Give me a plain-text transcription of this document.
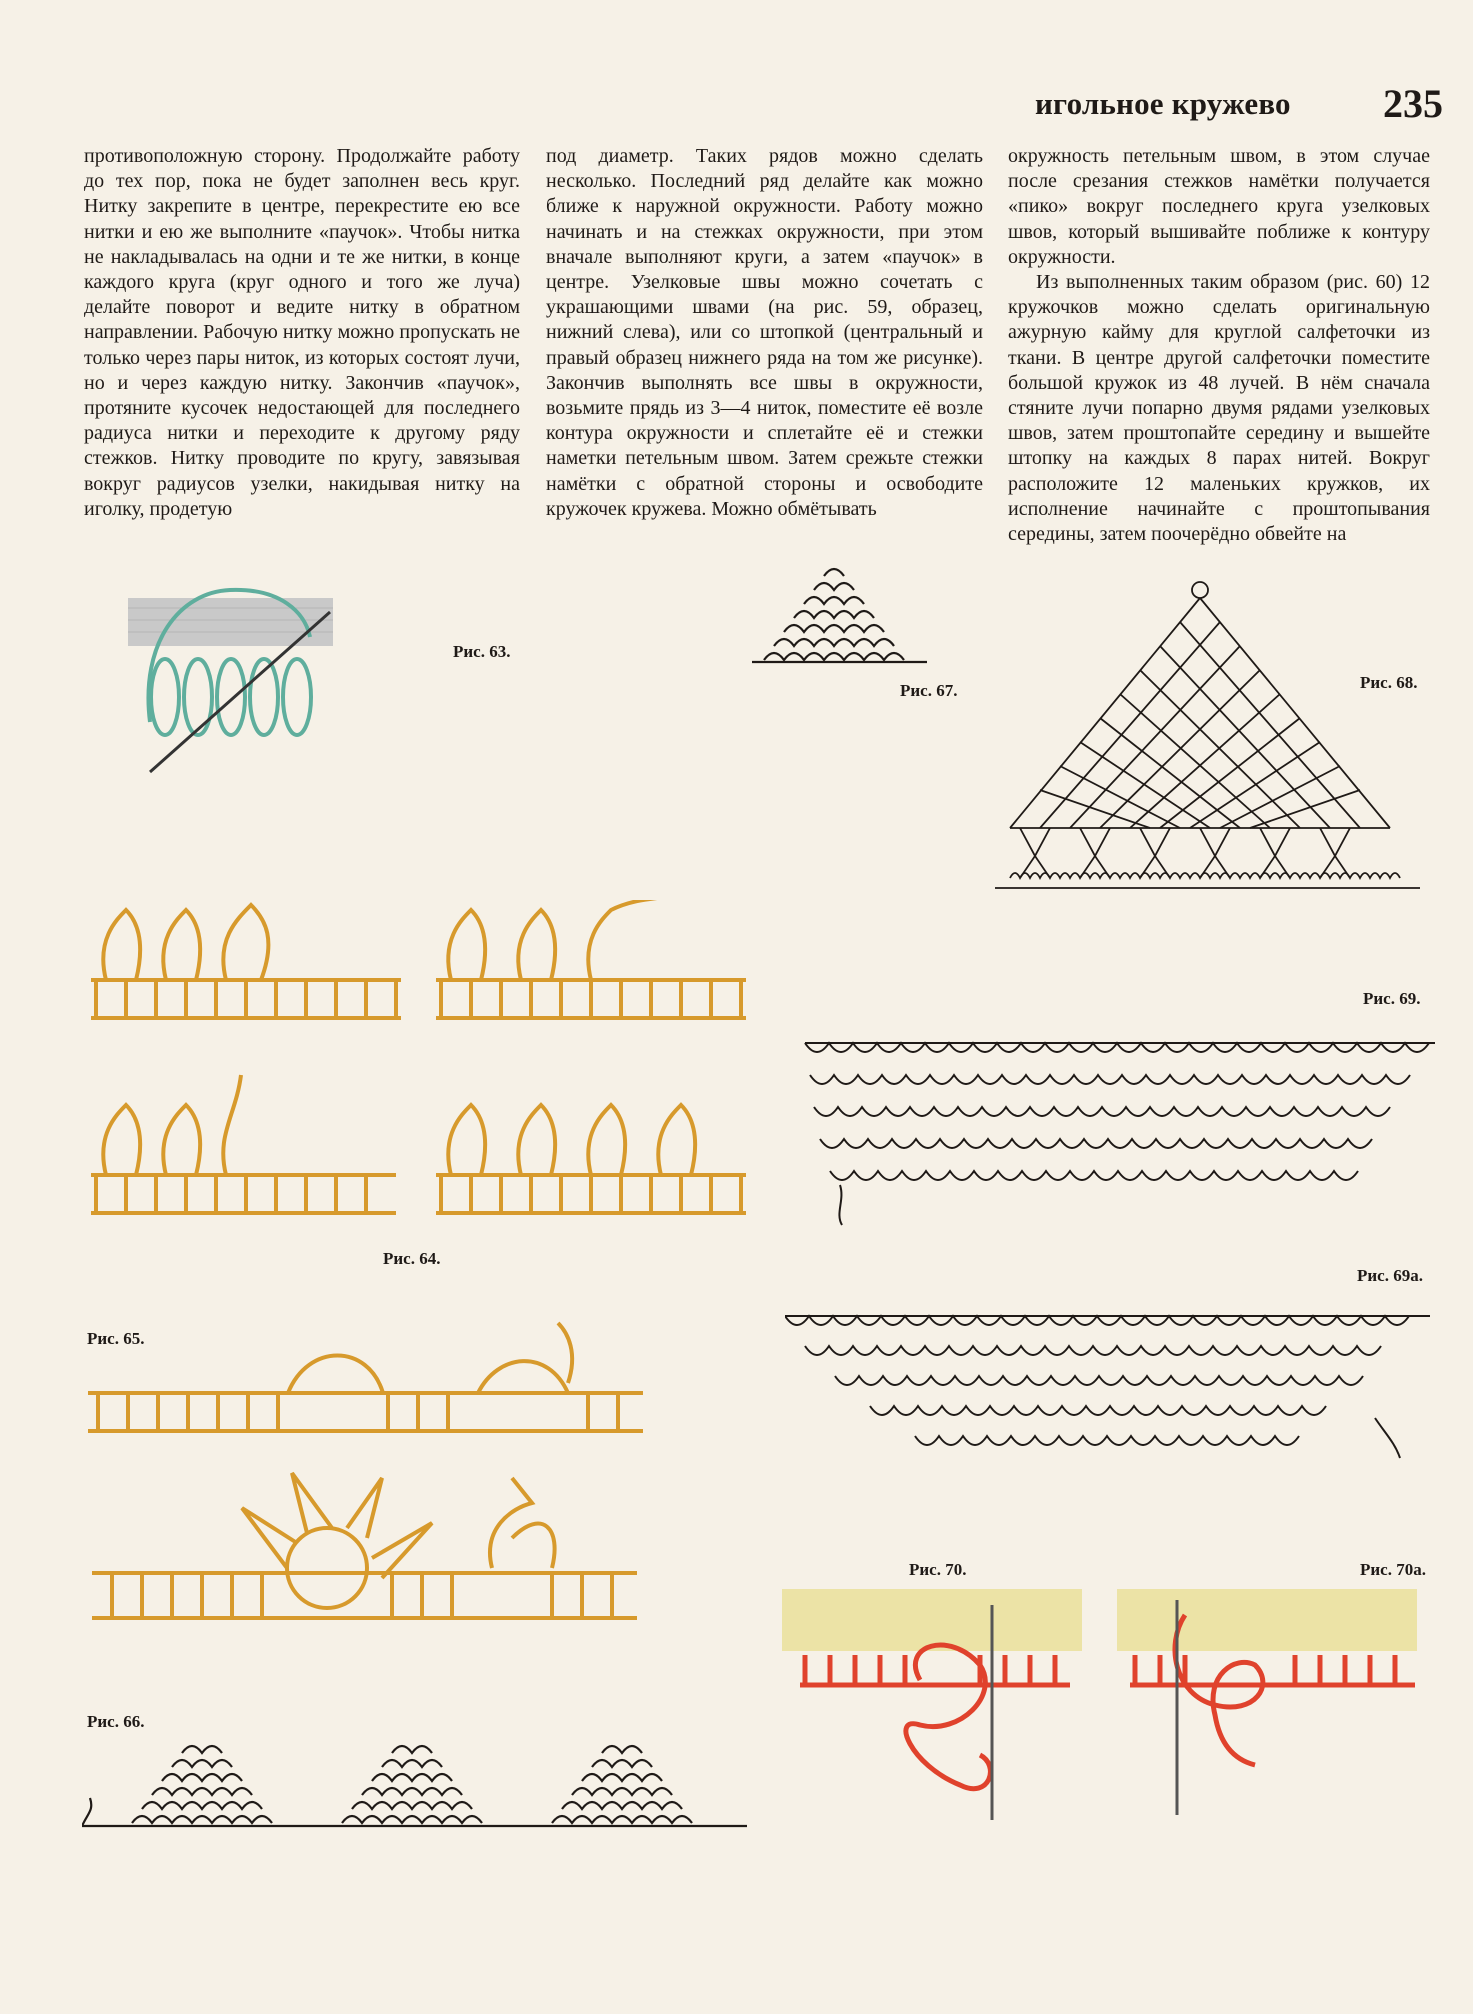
игольное кружево 235

противоположную сторону. Продолжайте работу до тех пор, пока не будет заполнен весь круг. Нитку закрепите в центре, перекрестите ею все нитки и ею же выполните «паучок». Чтобы нитка не накладывалась на одни и те же нитки, в конце каждого круга (круг одного и того же луча) делайте поворот и ведите нитку в обратном направлении. Рабочую нитку можно пропускать не только через пары ниток, из которых состоят лучи, но и через каждую нитку. Закончив «паучок», протяните кусочек недостающей для последнего радиуса нитки и переходите к другому ряду стежков. Нитку проводите по кругу, завязывая вокруг радиусов узелки, накидывая нитку на иголку, продетую

под диаметр. Таких рядов можно сделать несколько. Последний ряд делайте как можно ближе к наружной окружности. Работу можно начинать и на стежках окружности, при этом вначале выполняют круги, а затем «паучок» в центре. Узелковые швы можно сочетать с украшающими швами (на рис. 59, образец, нижний слева), или со штопкой (центральный и правый образец нижнего ряда на том же рисунке). Закончив выполнять все швы в окружности, возьмите прядь из 3—4 ниток, поместите её возле контура окружности и сплетайте её и стежки наметки петельным швом. Затем срежьте стежки намётки с обратной стороны и освободите кружочек кружева. Можно обмётывать

окружность петельным швом, в этом случае после срезания стежков намётки получается «пико» вокруг последнего круга узелковых швов, который вышивайте поближе к контуру окружности.

Из выполненных таким образом (рис. 60) 12 кружочков можно сделать оригинальную ажурную кайму для круглой салфеточки из ткани. В центре другой салфеточки поместите большой кружок из 48 лучей. В нём сначала стяните лучи попарно двумя рядами узелковых швов, затем проштопайте середину и вышейте штопку на каждых 8 парах нитей. Вокруг расположите 12 маленьких кружков, их исполнение начинайте с проштопывания середины, затем поочерёдно обвейте на

Рис. 63.
Рис. 64.
Рис. 65.
Рис. 66.
Рис. 67.	Рис. 68.
Рис. 69.
Рис. 69а.
Рис. 70.	Рис. 70а.
